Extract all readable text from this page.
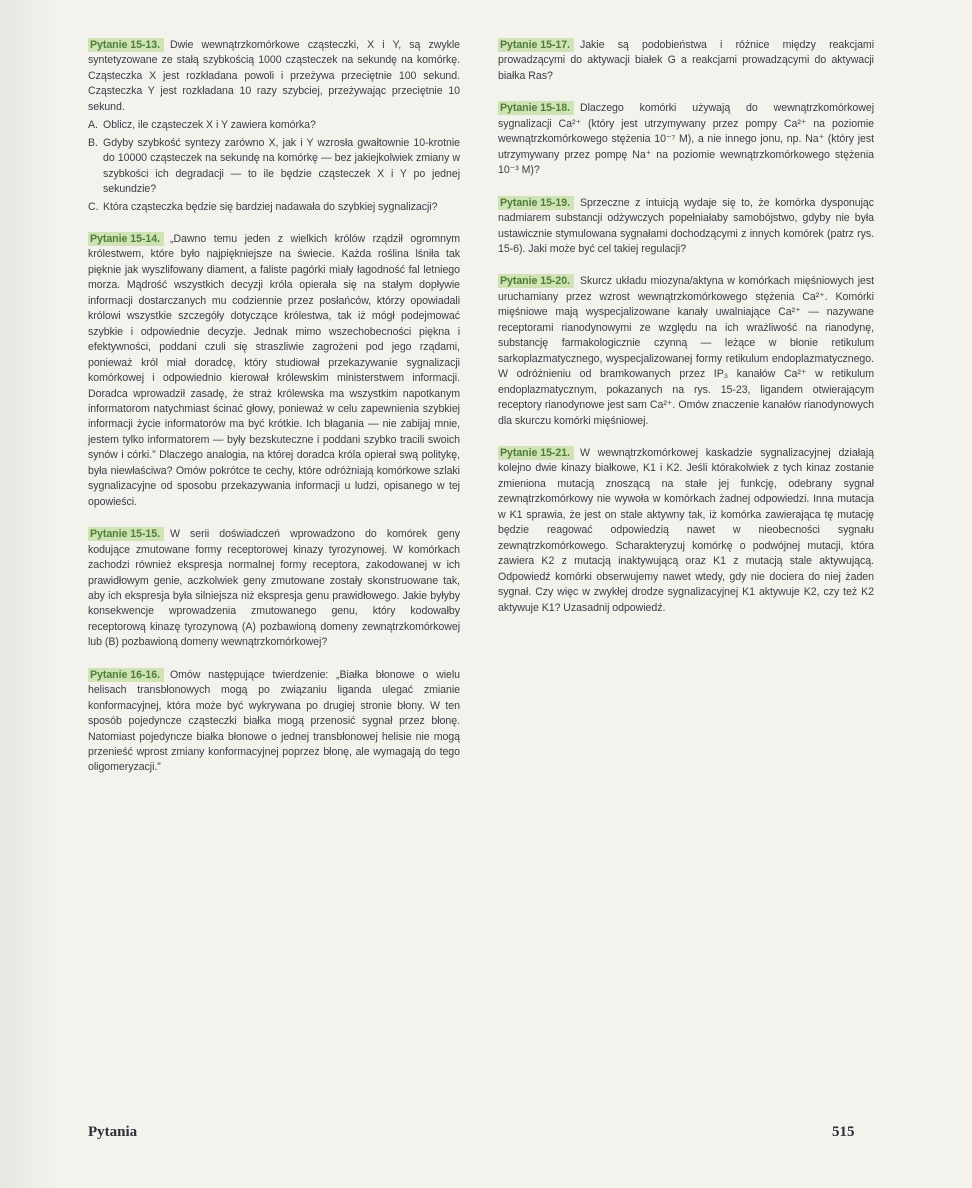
Pytanie 15-13. Dwie wewnątrzkomórkowe cząsteczki, X i Y, są zwykle syntetyzowane ze stałą szybkością 1000 cząsteczek na sekundę na komórkę. Cząsteczka X jest rozkładana powoli i przeżywa przeciętnie 100 sekund. Cząsteczka Y jest rozkładana 10 razy szybciej, przeżywając przeciętnie 10 sekund.

A. Oblicz, ile cząsteczek X i Y zawiera komórka?
B. Gdyby szybkość syntezy zarówno X, jak i Y wzrosła gwałtownie 10-krotnie do 10000 cząsteczek na sekundę na komórkę — bez jakiejkolwiek zmiany w szybkości ich degradacji — to ile będzie cząsteczek X i Y po jednej sekundzie?
C. Która cząsteczka będzie się bardziej nadawała do szybkiej sygnalizacji?

Pytanie 15-14. „Dawno temu jeden z wielkich królów rządził ogromnym królestwem, które było najpiękniejsze na świecie. Każda roślina lśniła tak pięknie jak wyszlifowany diament, a faliste pagórki miały łagodność fal letniego morza. Mądrość wszystkich decyzji króla opierała się na stałym dopływie informacji dostarczanych mu codziennie przez posłańców, którzy opowiadali królowi wszystkie szczegóły dotyczące królestwa, tak iż mógł podejmować szybkie i odpowiednie decyzje. Jednak mimo wszechobecności piękna i efektywności, poddani czuli się straszliwie zagrożeni pod jego rządami, ponieważ król miał doradcę, który studiował przekazywanie sygnalizacji komórkowej i odpowiednio kierował królewskim ministerstwem informacji. Doradca wprowadził zasadę, że straż królewska ma wszystkim napotkanym informatorom natychmiast ścinać głowy, ponieważ w celu zapewnienia szybkiej informacji życie informatorów ma być krótkie. Ich błagania — nie zabijaj mnie, jestem tylko informatorem — były bezskuteczne i poddani szybko tracili swoich synów i córki.” Dlaczego analogia, na której doradca króla opierał swą politykę, była niewłaściwa? Omów pokrótce te cechy, które odróżniają komórkowe szlaki sygnalizacyjne od sposobu przekazywania informacji u ludzi, opisanego w tej opowieści.

Pytanie 15-15. W serii doświadczeń wprowadzono do komórek geny kodujące zmutowane formy receptorowej kinazy tyrozynowej. W komórkach zachodzi również ekspresja normalnej formy receptora, zakodowanej w ich prawidłowym genie, aczkolwiek geny zmutowane zostały skonstruowane tak, aby ich ekspresja była silniejsza niż ekspresja genu prawidłowego. Jakie byłyby konsekwencje wprowadzenia zmutowanego genu, który kodowałby receptorową kinazę tyrozynową (A) pozbawioną domeny zewnątrzkomórkowej lub (B) pozbawioną domeny wewnątrzkomórkowej?

Pytanie 16-16. Omów następujące twierdzenie: „Białka błonowe o wielu helisach transbłonowych mogą po związaniu liganda ulegać zmianie konformacyjnej, która może być wykrywana po drugiej stronie błony. W ten sposób pojedyncze cząsteczki białka mogą przenosić sygnał przez błonę. Natomiast pojedyncze białka błonowe o jednej transbłonowej helisie nie mogą przenieść wprost zmiany konformacyjnej poprzez błonę, ale wymagają do tego oligomeryzacji.”

Pytanie 15-17. Jakie są podobieństwa i różnice między reakcjami prowadzącymi do aktywacji białek G a reakcjami prowadzącymi do aktywacji białka Ras?

Pytanie 15-18. Dlaczego komórki używają do wewnątrzkomórkowej sygnalizacji Ca²⁺ (który jest utrzymywany przez pompy Ca²⁺ na poziomie wewnątrzkomórkowego stężenia 10⁻⁷ M), a nie innego jonu, np. Na⁺ (który jest utrzymywany przez pompę Na⁺ na poziomie wewnątrzkomórkowego stężenia 10⁻³ M)?

Pytanie 15-19. Sprzeczne z intuicją wydaje się to, że komórka dysponując nadmiarem substancji odżywczych popełniałaby samobójstwo, gdyby nie była ustawicznie stymulowana sygnałami dochodzącymi z innych komórek (patrz rys. 15-6). Jaki może być cel takiej regulacji?

Pytanie 15-20. Skurcz układu miozyna/aktyna w komórkach mięśniowych jest uruchamiany przez wzrost wewnątrzkomórkowego stężenia Ca²⁺. Komórki mięśniowe mają wyspecjalizowane kanały uwalniające Ca²⁺ — nazywane receptorami rianodynowymi ze względu na ich wrażliwość na rianodynę, substancję farmakologicznie czynną — leżące w błonie retikulum sarkoplazmatycznego, wyspecjalizowanej formy retikulum endoplazmatycznego. W odróżnieniu od bramkowanych przez IP₃ kanałów Ca²⁺ w retikulum endoplazmatycznym, pokazanych na rys. 15-23, ligandem otwierającym receptory rianodynowe jest sam Ca²⁺. Omów znaczenie kanałów rianodynowych dla skurczu komórki mięśniowej.

Pytanie 15-21. W wewnątrzkomórkowej kaskadzie sygnalizacyjnej działają kolejno dwie kinazy białkowe, K1 i K2. Jeśli którakolwiek z tych kinaz zostanie zmieniona mutacją znoszącą na stałe jej funkcję, odebrany sygnał zewnątrzkomórkowy nie wywoła w komórkach żadnej odpowiedzi. Inna mutacja w K1 sprawia, że jest on stale aktywny tak, iż komórka zawierająca tę mutację będzie reagować odpowiedzią nawet w nieobecności sygnału zewnątrzkomórkowego. Scharakteryzuj komórkę o podwójnej mutacji, która zawiera K2 z mutacją inaktywującą oraz K1 z mutacją stale aktywującą. Odpowiedź komórki obserwujemy nawet wtedy, gdy nie dociera do niej żaden sygnał. Czy więc w zwykłej drodze sygnalizacyjnej K1 aktywuje K2, czy też K2 aktywuje K1? Uzasadnij odpowiedź.

Pytania	515
